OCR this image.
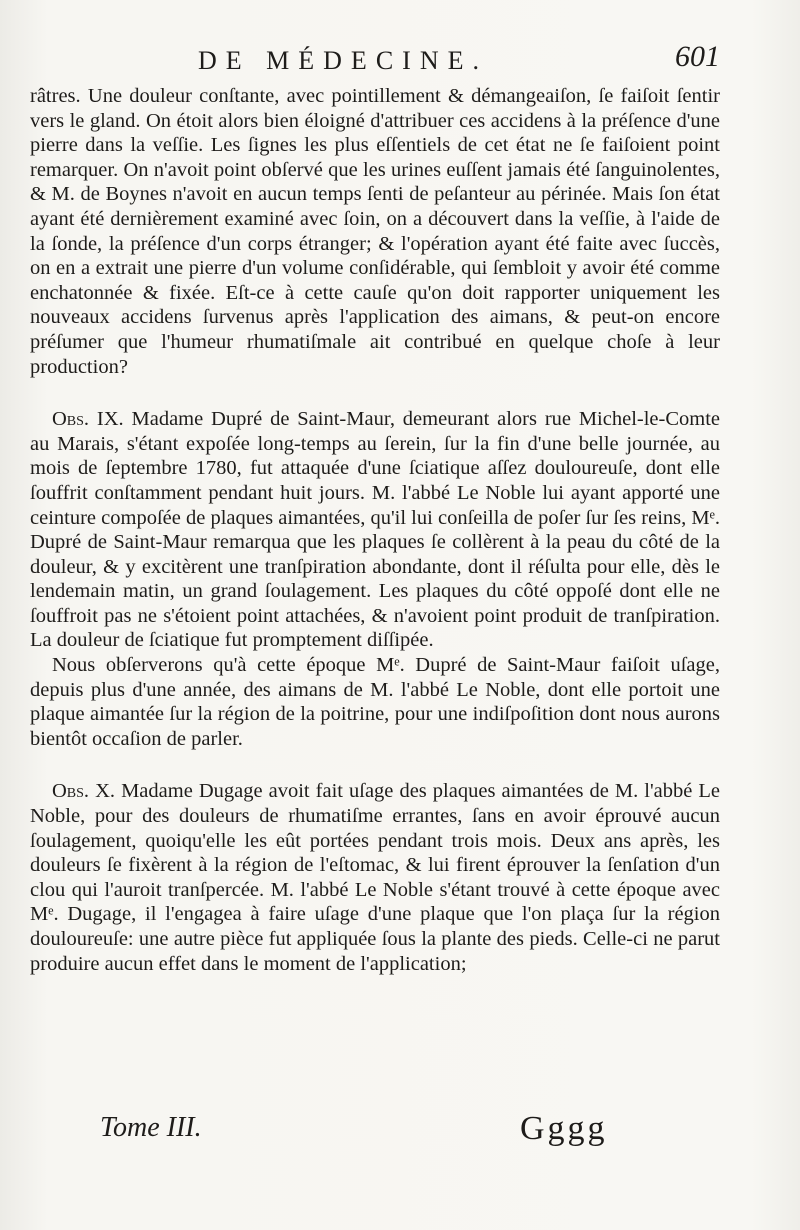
DE MÉDECINE.	601

râtres. Une douleur conſtante, avec pointillement & démangeaiſon, ſe faiſoit ſentir vers le gland. On étoit alors bien éloigné d'attribuer ces accidens à la préſence d'une pierre dans la veſſie. Les ſignes les plus eſſentiels de cet état ne ſe faiſoient point remarquer. On n'avoit point obſervé que les urines euſſent jamais été ſanguinolentes, & M. de Boynes n'avoit en aucun temps ſenti de peſanteur au périnée. Mais ſon état ayant été dernièrement examiné avec ſoin, on a découvert dans la veſſie, à l'aide de la ſonde, la préſence d'un corps étranger; & l'opération ayant été faite avec ſuccès, on en a extrait une pierre d'un volume conſidérable, qui ſembloit y avoir été comme enchatonnée & fixée. Eſt-ce à cette cauſe qu'on doit rapporter uniquement les nouveaux accidens ſurvenus après l'application des aimans, & peut-on encore préſumer que l'humeur rhumatiſmale ait contribué en quelque choſe à leur production?

Obs. IX. Madame Dupré de Saint-Maur, demeurant alors rue Michel-le-Comte au Marais, s'étant expoſée long-temps au ſerein, ſur la fin d'une belle journée, au mois de ſeptembre 1780, fut attaquée d'une ſciatique aſſez douloureuſe, dont elle ſouffrit conſtamment pendant huit jours. M. l'abbé Le Noble lui ayant apporté une ceinture compoſée de plaques aimantées, qu'il lui conſeilla de poſer ſur ſes reins, Mᵉ. Dupré de Saint-Maur remarqua que les plaques ſe collèrent à la peau du côté de la douleur, & y excitèrent une tranſpiration abondante, dont il réſulta pour elle, dès le lendemain matin, un grand ſoulagement. Les plaques du côté oppoſé dont elle ne ſouffroit pas ne s'étoient point attachées, & n'avoient point produit de tranſpiration. La douleur de ſciatique fut promptement diſſipée.

Nous obſerverons qu'à cette époque Mᵉ. Dupré de Saint-Maur faiſoit uſage, depuis plus d'une année, des aimans de M. l'abbé Le Noble, dont elle portoit une plaque aimantée ſur la région de la poitrine, pour une indiſpoſition dont nous aurons bientôt occaſion de parler.

Obs. X. Madame Dugage avoit fait uſage des plaques aimantées de M. l'abbé Le Noble, pour des douleurs de rhumatiſme errantes, ſans en avoir éprouvé aucun ſoulagement, quoiqu'elle les eût portées pendant trois mois. Deux ans après, les douleurs ſe fixèrent à la région de l'eſtomac, & lui firent éprouver la ſenſation d'un clou qui l'auroit tranſpercée. M. l'abbé Le Noble s'étant trouvé à cette époque avec Mᵉ. Dugage, il l'engagea à faire uſage d'une plaque que l'on plaça ſur la région douloureuſe: une autre pièce fut appliquée ſous la plante des pieds. Celle-ci ne parut produire aucun effet dans le moment de l'application;

Tome III.	Gggg
